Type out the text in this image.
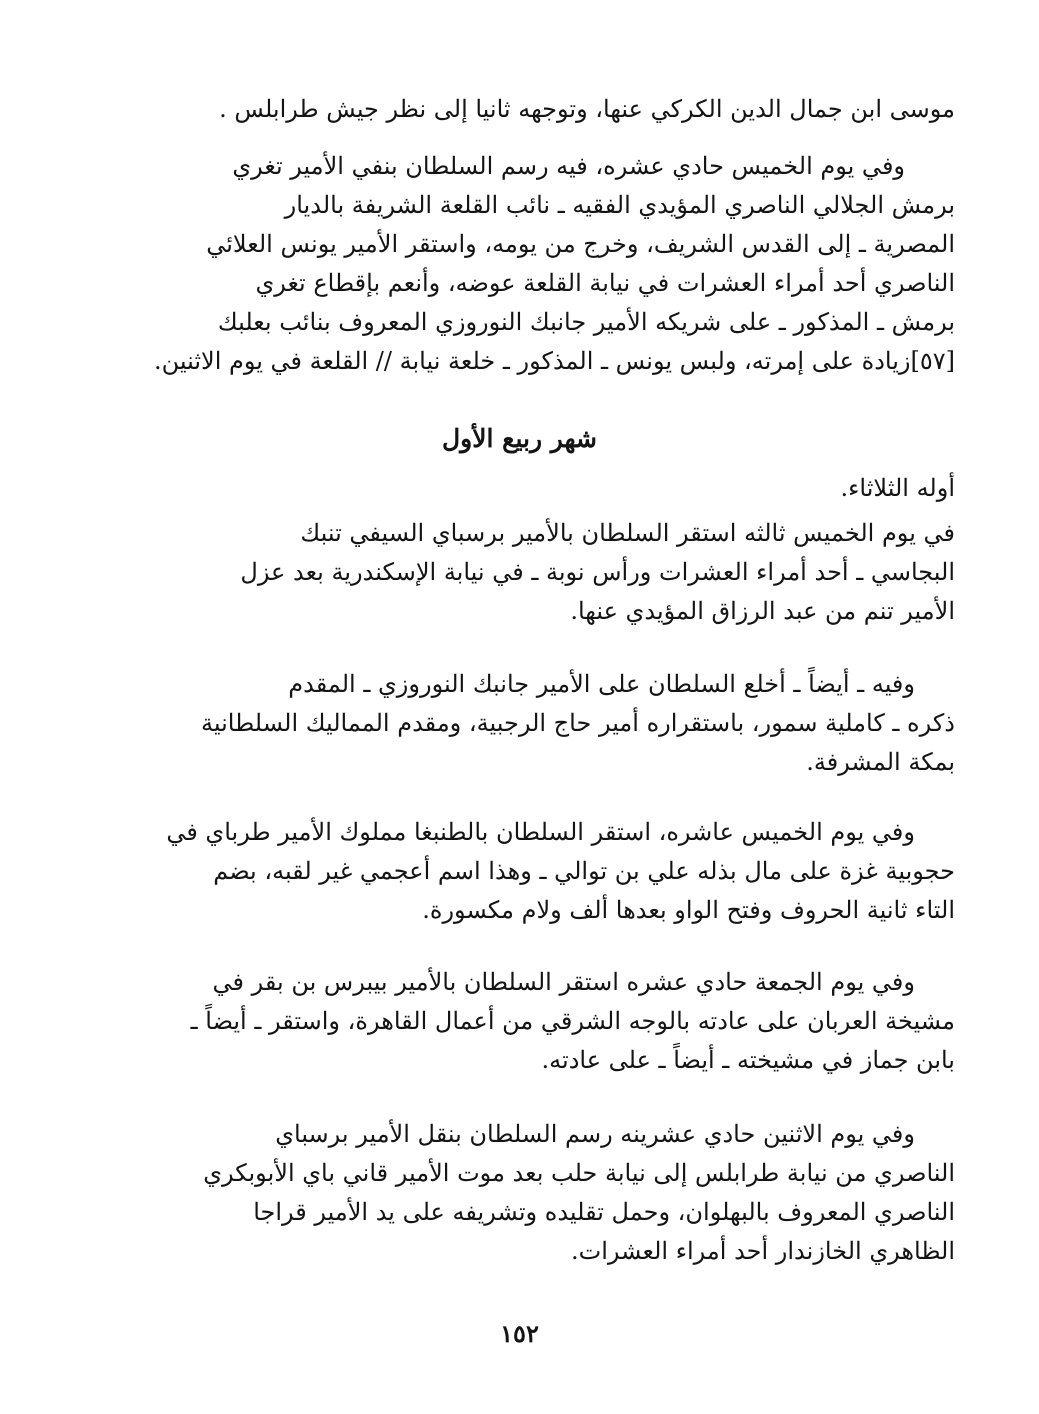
موسى ابن جمال الدين الكركي عنها، وتوجهه ثانيا إلى نظر جيش طرابلس .
وفي يوم الخميس حادي عشره، فيه رسم السلطان بنفي الأمير تغري
برمش الجلالي الناصري المؤيدي الفقيه ـ نائب القلعة الشريفة بالديار
المصرية ـ إلى القدس الشريف، وخرج من يومه، واستقر الأمير يونس العلائي
الناصري أحد أمراء العشرات في نيابة القلعة عوضه، وأنعم بإقطاع تغري
برمش ـ المذكور ـ على شريكه الأمير جانبك النوروزي المعروف بنائب بعلبك
[٥٧]زيادة على إمرته، ولبس يونس ـ المذكور ـ خلعة نيابة // القلعة في يوم الاثنين.
شهر ربيع الأول
أوله الثلاثاء.
في يوم الخميس ثالثه استقر السلطان بالأمير برسباي السيفي تنبك
البجاسي ـ أحد أمراء العشرات ورأس نوبة ـ في نيابة الإسكندرية بعد عزل
الأمير تنم من عبد الرزاق المؤيدي عنها.
وفيه ـ أيضاً ـ أخلع السلطان على الأمير جانبك النوروزي ـ المقدم
ذكره ـ كاملية سمور، باستقراره أمير حاج الرجبية، ومقدم المماليك السلطانية
بمكة المشرفة.
وفي يوم الخميس عاشره، استقر السلطان بالطنبغا مملوك الأمير طرباي في
حجوبية غزة على مال بذله علي بن توالي ـ وهذا اسم أعجمي غير لقبه، بضم
التاء ثانية الحروف وفتح الواو بعدها ألف ولام مكسورة.
وفي يوم الجمعة حادي عشره استقر السلطان بالأمير بيبرس بن بقر في
مشيخة العربان على عادته بالوجه الشرقي من أعمال القاهرة، واستقر ـ أيضاً ـ
بابن جماز في مشيخته ـ أيضاً ـ على عادته.
وفي يوم الاثنين حادي عشرينه رسم السلطان بنقل الأمير برسباي
الناصري من نيابة طرابلس إلى نيابة حلب بعد موت الأمير قاني باي الأبوبكري
الناصري المعروف بالبهلوان، وحمل تقليده وتشريفه على يد الأمير قراجا
الظاهري الخازندار أحد أمراء العشرات.
١٥٢
